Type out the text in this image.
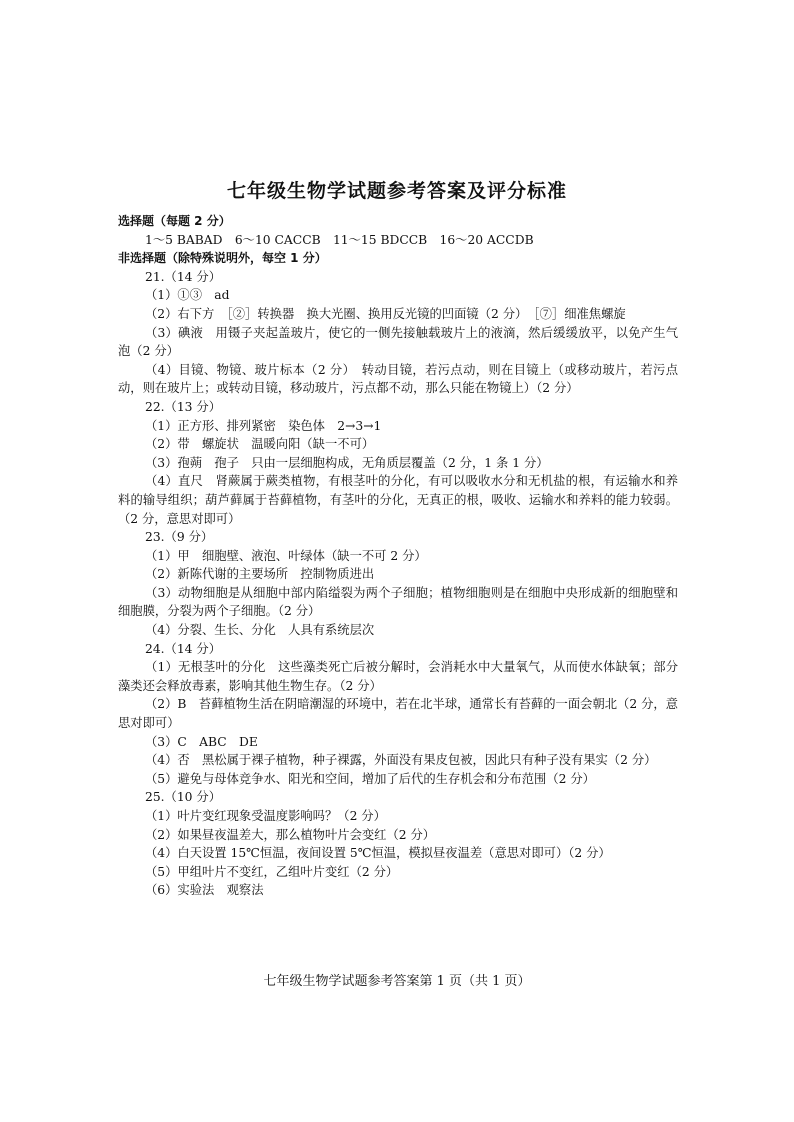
七年级生物学试题参考答案及评分标准
选择题（每题 2 分）
1～5 BABAD　6～10 CACCB　11～15 BDCCB　16～20 ACCDB
非选择题（除特殊说明外，每空 1 分）
21.（14 分）
（1）①③　ad
（2）右下方　［②］转换器　换大光圈、换用反光镜的凹面镜（2 分）　［⑦］细准焦螺旋
（3）碘液　用镊子夹起盖玻片，使它的一侧先接触载玻片上的液滴，然后缓缓放平，以免产生气泡（2 分）
（4）目镜、物镜、玻片标本（2 分）　转动目镜，若污点动，则在目镜上（或移动玻片，若污点动，则在玻片上；或转动目镜，移动玻片，污点都不动，那么只能在物镜上）（2 分）
22.（13 分）
（1）正方形、排列紧密　染色体　2→3→1
（2）带　螺旋状　温暖向阳（缺一不可）
（3）孢蒴　孢子　只由一层细胞构成，无角质层覆盖（2 分，1 条 1 分）
（4）直尺　肾蕨属于蕨类植物，有根茎叶的分化，有可以吸收水分和无机盐的根，有运输水和养料的输导组织；葫芦藓属于苔藓植物，有茎叶的分化，无真正的根，吸收、运输水和养料的能力较弱。（2 分，意思对即可）
23.（9 分）
（1）甲　细胞壁、液泡、叶绿体（缺一不可 2 分）
（2）新陈代谢的主要场所　控制物质进出
（3）动物细胞是从细胞中部内陷缢裂为两个子细胞；植物细胞则是在细胞中央形成新的细胞壁和细胞膜，分裂为两个子细胞。（2 分）
（4）分裂、生长、分化　人具有系统层次
24.（14 分）
（1）无根茎叶的分化　这些藻类死亡后被分解时，会消耗水中大量氧气，从而使水体缺氧；部分藻类还会释放毒素，影响其他生物生存。（2 分）
（2）B　苔藓植物生活在阴暗潮湿的环境中，若在北半球，通常长有苔藓的一面会朝北（2 分，意思对即可）
（3）C　ABC　DE
（4）否　黑松属于裸子植物，种子裸露，外面没有果皮包被，因此只有种子没有果实（2 分）
（5）避免与母体竞争水、阳光和空间，增加了后代的生存机会和分布范围（2 分）
25.（10 分）
（1）叶片变红现象受温度影响吗？（2 分）
（2）如果昼夜温差大，那么植物叶片会变红（2 分）
（4）白天设置 15℃恒温，夜间设置 5℃恒温，模拟昼夜温差（意思对即可）（2 分）
（5）甲组叶片不变红，乙组叶片变红（2 分）
（6）实验法　观察法
七年级生物学试题参考答案第 1 页（共 1 页）
